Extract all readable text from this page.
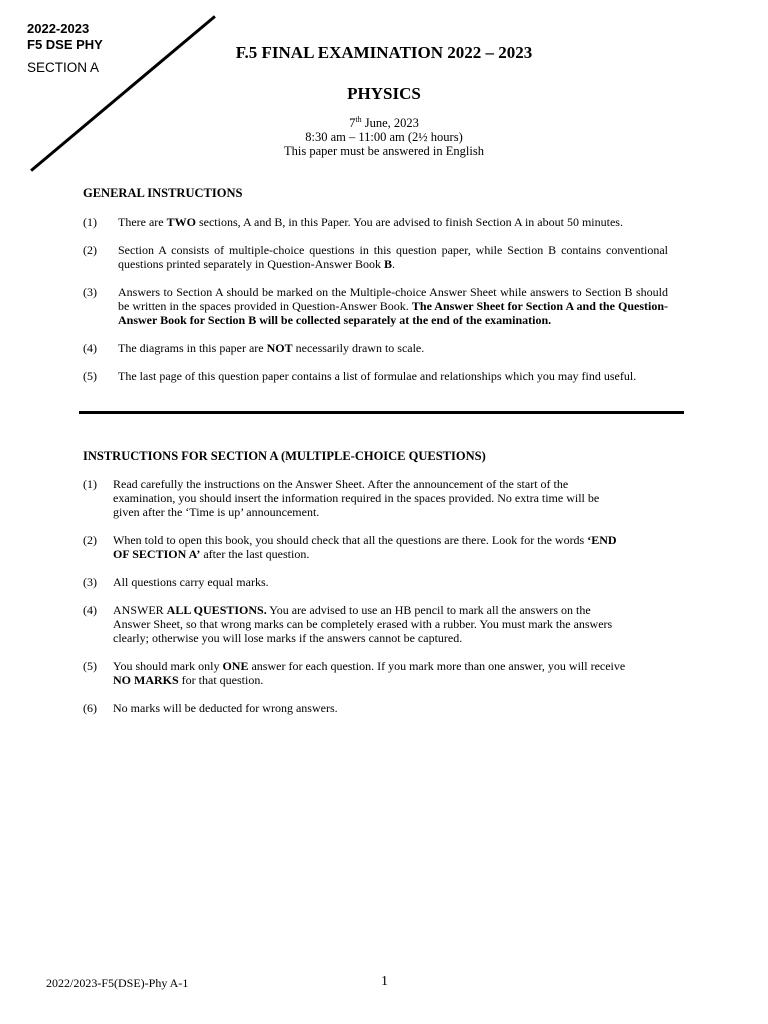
2022-2023
F5 DSE PHY
SECTION A
F.5 FINAL EXAMINATION 2022 – 2023
PHYSICS
7th June, 2023
8:30 am – 11:00 am (2½ hours)
This paper must be answered in English
GENERAL INSTRUCTIONS
(1) There are TWO sections, A and B, in this Paper. You are advised to finish Section A in about 50 minutes.
(2) Section A consists of multiple-choice questions in this question paper, while Section B contains conventional questions printed separately in Question-Answer Book B.
(3) Answers to Section A should be marked on the Multiple-choice Answer Sheet while answers to Section B should be written in the spaces provided in Question-Answer Book. The Answer Sheet for Section A and the Question-Answer Book for Section B will be collected separately at the end of the examination.
(4) The diagrams in this paper are NOT necessarily drawn to scale.
(5) The last page of this question paper contains a list of formulae and relationships which you may find useful.
INSTRUCTIONS FOR SECTION A (MULTIPLE-CHOICE QUESTIONS)
(1) Read carefully the instructions on the Answer Sheet. After the announcement of the start of the
examination, you should insert the information required in the spaces provided. No extra time will be
given after the ‘Time is up’ announcement.
(2) When told to open this book, you should check that all the questions are there. Look for the words ‘END
OF SECTION A’ after the last question.
(3) All questions carry equal marks.
(4) ANSWER ALL QUESTIONS. You are advised to use an HB pencil to mark all the answers on the
Answer Sheet, so that wrong marks can be completely erased with a rubber. You must mark the answers
clearly; otherwise you will lose marks if the answers cannot be captured.
(5) You should mark only ONE answer for each question. If you mark more than one answer, you will receive
NO MARKS for that question.
(6) No marks will be deducted for wrong answers.
2022/2023-F5(DSE)-Phy A-1	1
